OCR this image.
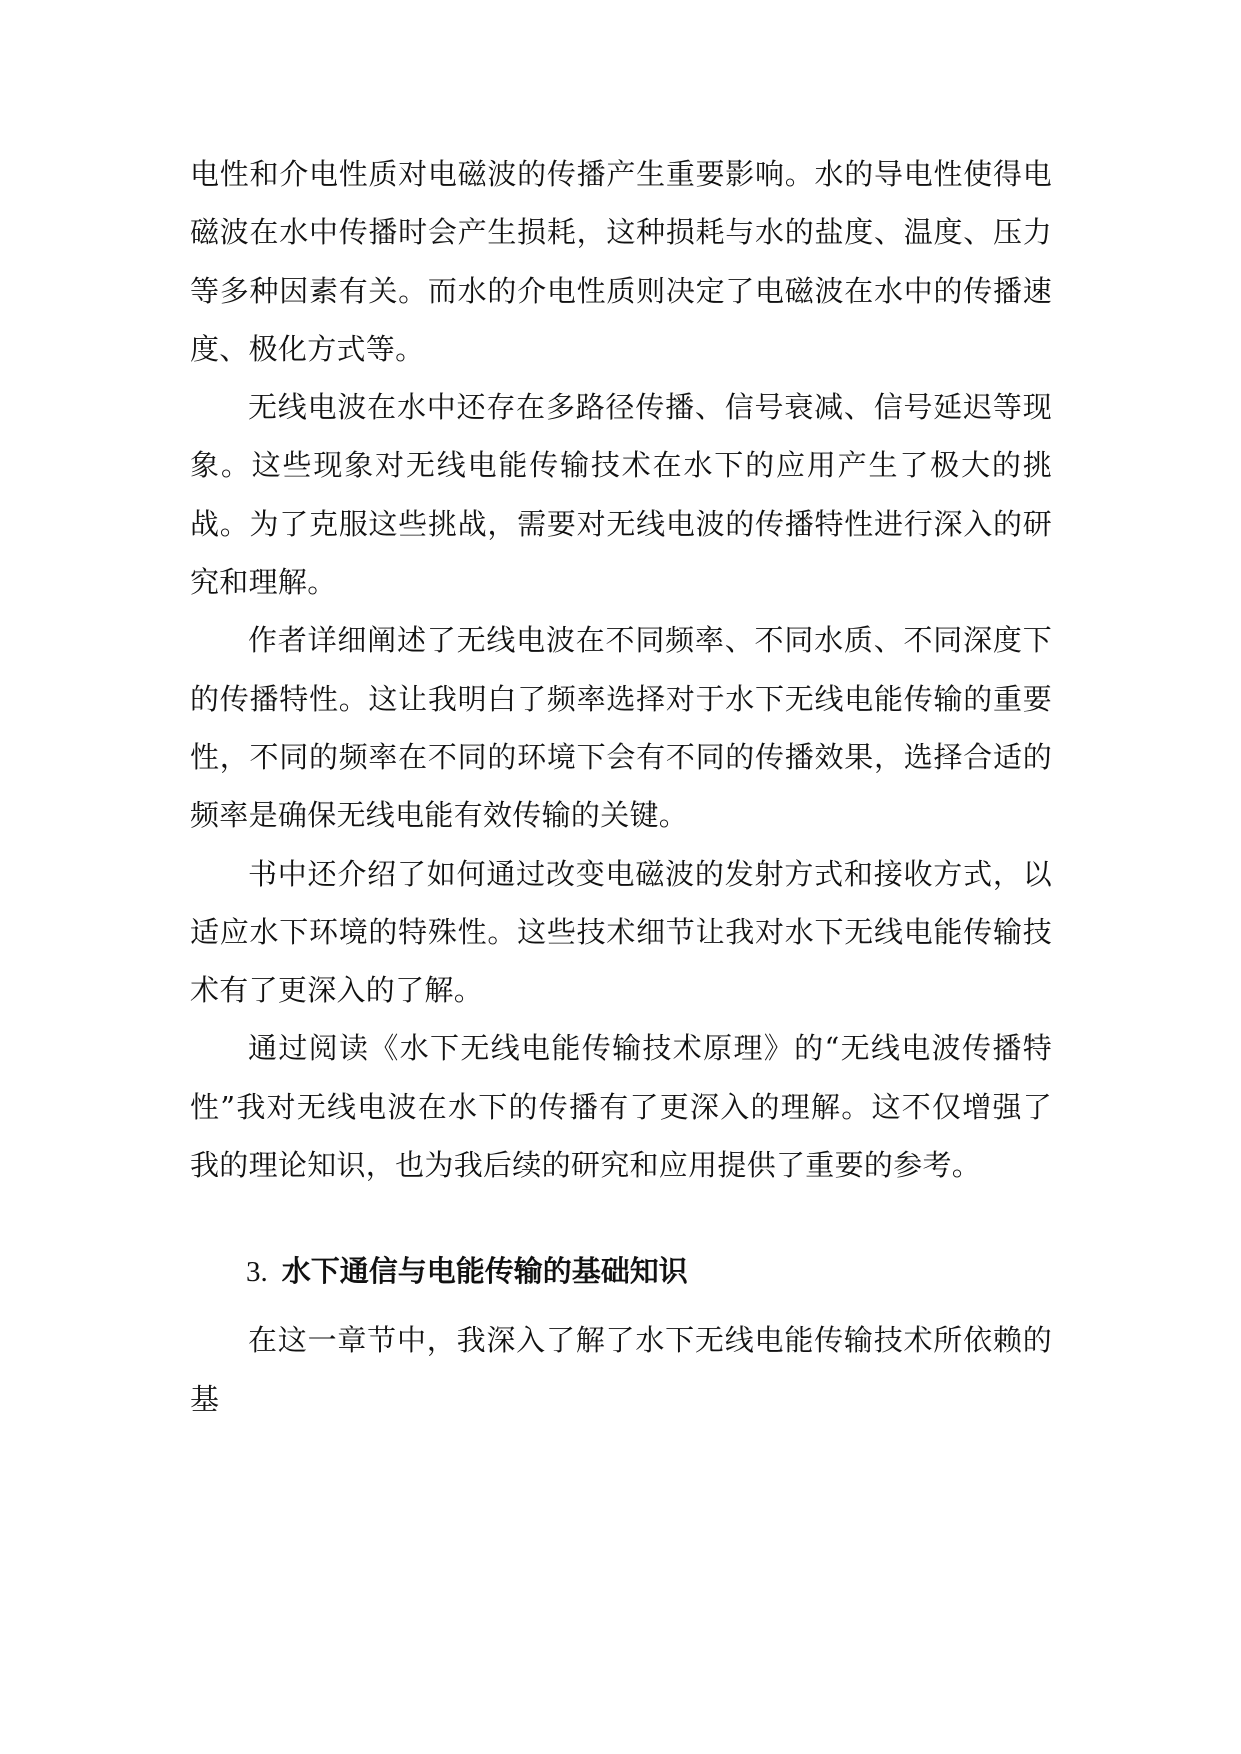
电性和介电性质对电磁波的传播产生重要影响。水的导电性使得电磁波在水中传播时会产生损耗，这种损耗与水的盐度、温度、压力等多种因素有关。而水的介电性质则决定了电磁波在水中的传播速度、极化方式等。

无线电波在水中还存在多路径传播、信号衰减、信号延迟等现象。这些现象对无线电能传输技术在水下的应用产生了极大的挑战。为了克服这些挑战，需要对无线电波的传播特性进行深入的研究和理解。

作者详细阐述了无线电波在不同频率、不同水质、不同深度下的传播特性。这让我明白了频率选择对于水下无线电能传输的重要性，不同的频率在不同的环境下会有不同的传播效果，选择合适的频率是确保无线电能有效传输的关键。

书中还介绍了如何通过改变电磁波的发射方式和接收方式，以适应水下环境的特殊性。这些技术细节让我对水下无线电能传输技术有了更深入的了解。

通过阅读《水下无线电能传输技术原理》的“无线电波传播特性”我对无线电波在水下的传播有了更深入的理解。这不仅增强了我的理论知识，也为我后续的研究和应用提供了重要的参考。

3. 水下通信与电能传输的基础知识

在这一章节中，我深入了解了水下无线电能传输技术所依赖的基
